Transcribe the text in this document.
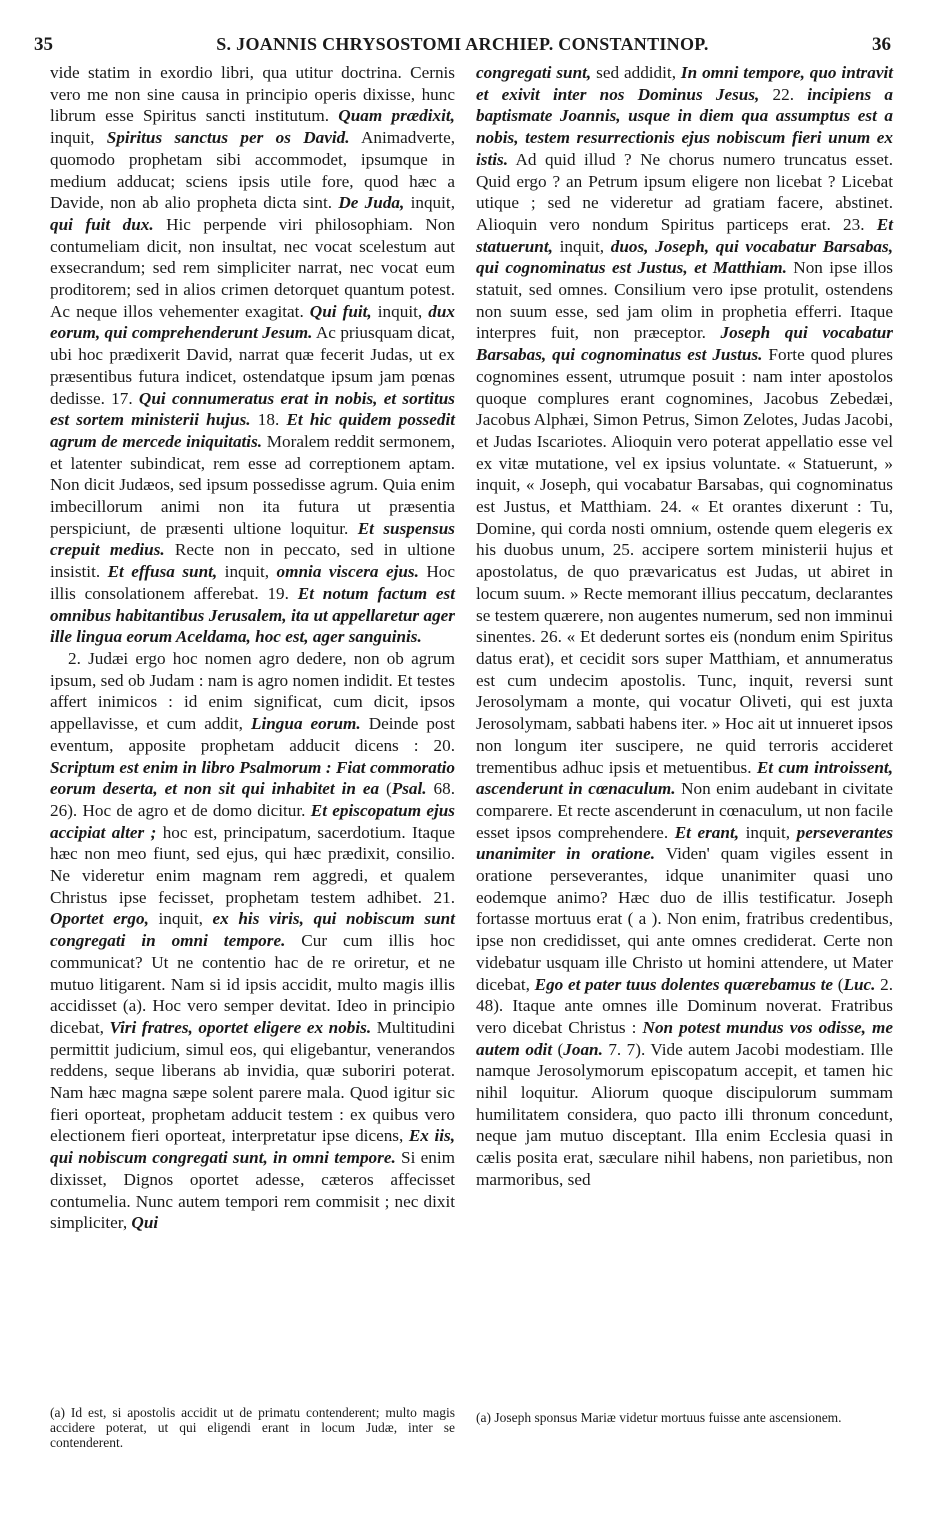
35	S. JOANNIS CHRYSOSTOMI ARCHIEP. CONSTANTINOP.	36

vide statim in exordio libri, qua utitur doctrina. Cernis vero me non sine causa in principio operis dixisse, hunc librum esse Spiritus sancti institutum. Quam prædixit, inquit, Spiritus sanctus per os David. Animadverte, quomodo prophetam sibi accommodet, ipsumque in medium adducat; sciens ipsis utile fore, quod hæc a Davide, non ab alio propheta dicta sint. De Juda, inquit, qui fuit dux. Hic perpende viri philosophiam. Non contumeliam dicit, non insultat, nec vocat scelestum aut exsecrandum; sed rem simpliciter narrat, nec vocat eum proditorem; sed in alios crimen detorquet quantum potest. Ac neque illos vehementer exagitat. Qui fuit, inquit, dux eorum, qui comprehenderunt Jesum. Ac priusquam dicat, ubi hoc prædixerit David, narrat quæ fecerit Judas, ut ex præsentibus futura indicet, ostendatque ipsum jam pœnas dedisse. 17. Qui connumeratus erat in nobis, et sortitus est sortem ministerii hujus. 18. Et hic quidem possedit agrum de mercede iniquitatis. Moralem reddit sermonem, et latenter subindicat, rem esse ad correptionem aptam. Non dicit Judæos, sed ipsum possedisse agrum. Quia enim imbecillorum animi non ita futura ut præsentia perspiciunt, de præsenti ultione loquitur. Et suspensus crepuit medius. Recte non in peccato, sed in ultione insistit. Et effusa sunt, inquit, omnia viscera ejus. Hoc illis consolationem afferebat. 19. Et notum factum est omnibus habitantibus Jerusalem, ita ut appellaretur ager ille lingua eorum Aceldama, hoc est, ager sanguinis.

2. Judæi ergo hoc nomen agro dedere, non ob agrum ipsum, sed ob Judam : nam is agro nomen indidit. Et testes affert inimicos : id enim significat, cum dicit, ipsos appellavisse, et cum addit, Lingua eorum. Deinde post eventum, apposite prophetam adducit dicens : 20. Scriptum est enim in libro Psalmorum : Fiat commoratio eorum deserta, et non sit qui inhabitet in ea (Psal. 68. 26). Hoc de agro et de domo dicitur. Et episcopatum ejus accipiat alter ; hoc est, principatum, sacerdotium. Itaque hæc non meo fiunt, sed ejus, qui hæc prædixit, consilio. Ne videretur enim magnam rem aggredi, et qualem Christus ipse fecisset, prophetam testem adhibet. 21. Oportet ergo, inquit, ex his viris, qui nobiscum sunt congregati in omni tempore. Cur cum illis hoc communicat? Ut ne contentio hac de re oriretur, et ne mutuo litigarent. Nam si id ipsis accidit, multo magis illis accidisset (a). Hoc vero semper devitat. Ideo in principio dicebat, Viri fratres, oportet eligere ex nobis. Multitudini permittit judicium, simul eos, qui eligebantur, venerandos reddens, seque liberans ab invidia, quæ suboriri poterat. Nam hæc magna sæpe solent parere mala. Quod igitur sic fieri oporteat, prophetam adducit testem : ex quibus vero electionem fieri oporteat, interpretatur ipse dicens, Ex iis, qui nobiscum congregati sunt, in omni tempore. Si enim dixisset, Dignos oportet adesse, cæteros affecisset contumelia. Nunc autem tempori rem commisit ; nec dixit simpliciter, Qui

congregati sunt, sed addidit, In omni tempore, quo intravit et exivit inter nos Dominus Jesus, 22. incipiens a baptismate Joannis, usque in diem qua assumptus est a nobis, testem resurrectionis ejus nobiscum fieri unum ex istis. Ad quid illud ? Ne chorus numero truncatus esset. Quid ergo ? an Petrum ipsum eligere non licebat ? Licebat utique ; sed ne videretur ad gratiam facere, abstinet. Alioquin vero nondum Spiritus particeps erat. 23. Et statuerunt, inquit, duos, Joseph, qui vocabatur Barsabas, qui cognominatus est Justus, et Matthiam. Non ipse illos statuit, sed omnes. Consilium vero ipse protulit, ostendens non suum esse, sed jam olim in prophetia efferri. Itaque interpres fuit, non præceptor. Joseph qui vocabatur Barsabas, qui cognominatus est Justus. Forte quod plures cognomines essent, utrumque posuit : nam inter apostolos quoque complures erant cognomines, Jacobus Zebedæi, Jacobus Alphæi, Simon Petrus, Simon Zelotes, Judas Jacobi, et Judas Iscariotes. Alioquin vero poterat appellatio esse vel ex vitæ mutatione, vel ex ipsius voluntate. « Statuerunt, » inquit, « Joseph, qui vocabatur Barsabas, qui cognominatus est Justus, et Matthiam. 24. « Et orantes dixerunt : Tu, Domine, qui corda nosti omnium, ostende quem elegeris ex his duobus unum, 25. accipere sortem ministerii hujus et apostolatus, de quo prævaricatus est Judas, ut abiret in locum suum. » Recte memorant illius peccatum, declarantes se testem quærere, non augentes numerum, sed non imminui sinentes. 26. « Et dederunt sortes eis (nondum enim Spiritus datus erat), et cecidit sors super Matthiam, et annumeratus est cum undecim apostolis. Tunc, inquit, reversi sunt Jerosolymam a monte, qui vocatur Oliveti, qui est juxta Jerosolymam, sabbati habens iter. » Hoc ait ut innueret ipsos non longum iter suscipere, ne quid terroris accideret trementibus adhuc ipsis et metuentibus. Et cum introissent, ascenderunt in cœnaculum. Non enim audebant in civitate comparere. Et recte ascenderunt in cœnaculum, ut non facile esset ipsos comprehendere. Et erant, inquit, perseverantes unanimiter in oratione. Viden' quam vigiles essent in oratione perseverantes, idque unanimiter quasi uno eodemque animo? Hæc duo de illis testificatur. Joseph fortasse mortuus erat ( a ). Non enim, fratribus credentibus, ipse non credidisset, qui ante omnes crediderat. Certe non videbatur usquam ille Christo ut homini attendere, ut Mater dicebat, Ego et pater tuus dolentes quærebamus te (Luc. 2. 48). Itaque ante omnes ille Dominum noverat. Fratribus vero dicebat Christus : Non potest mundus vos odisse, me autem odit (Joan. 7. 7). Vide autem Jacobi modestiam. Ille namque Jerosolymorum episcopatum accepit, et tamen hic nihil loquitur. Aliorum quoque discipulorum summam humilitatem considera, quo pacto illi thronum concedunt, neque jam mutuo disceptant. Illa enim Ecclesia quasi in cælis posita erat, sæculare nihil habens, non parietibus, non marmoribus, sed

(a) Id est, si apostolis accidit ut de primatu contenderent; multo magis accidere poterat, ut qui eligendi erant in locum Judæ, inter se contenderent.
(a) Joseph sponsus Mariæ videtur mortuus fuisse ante ascensionem.
